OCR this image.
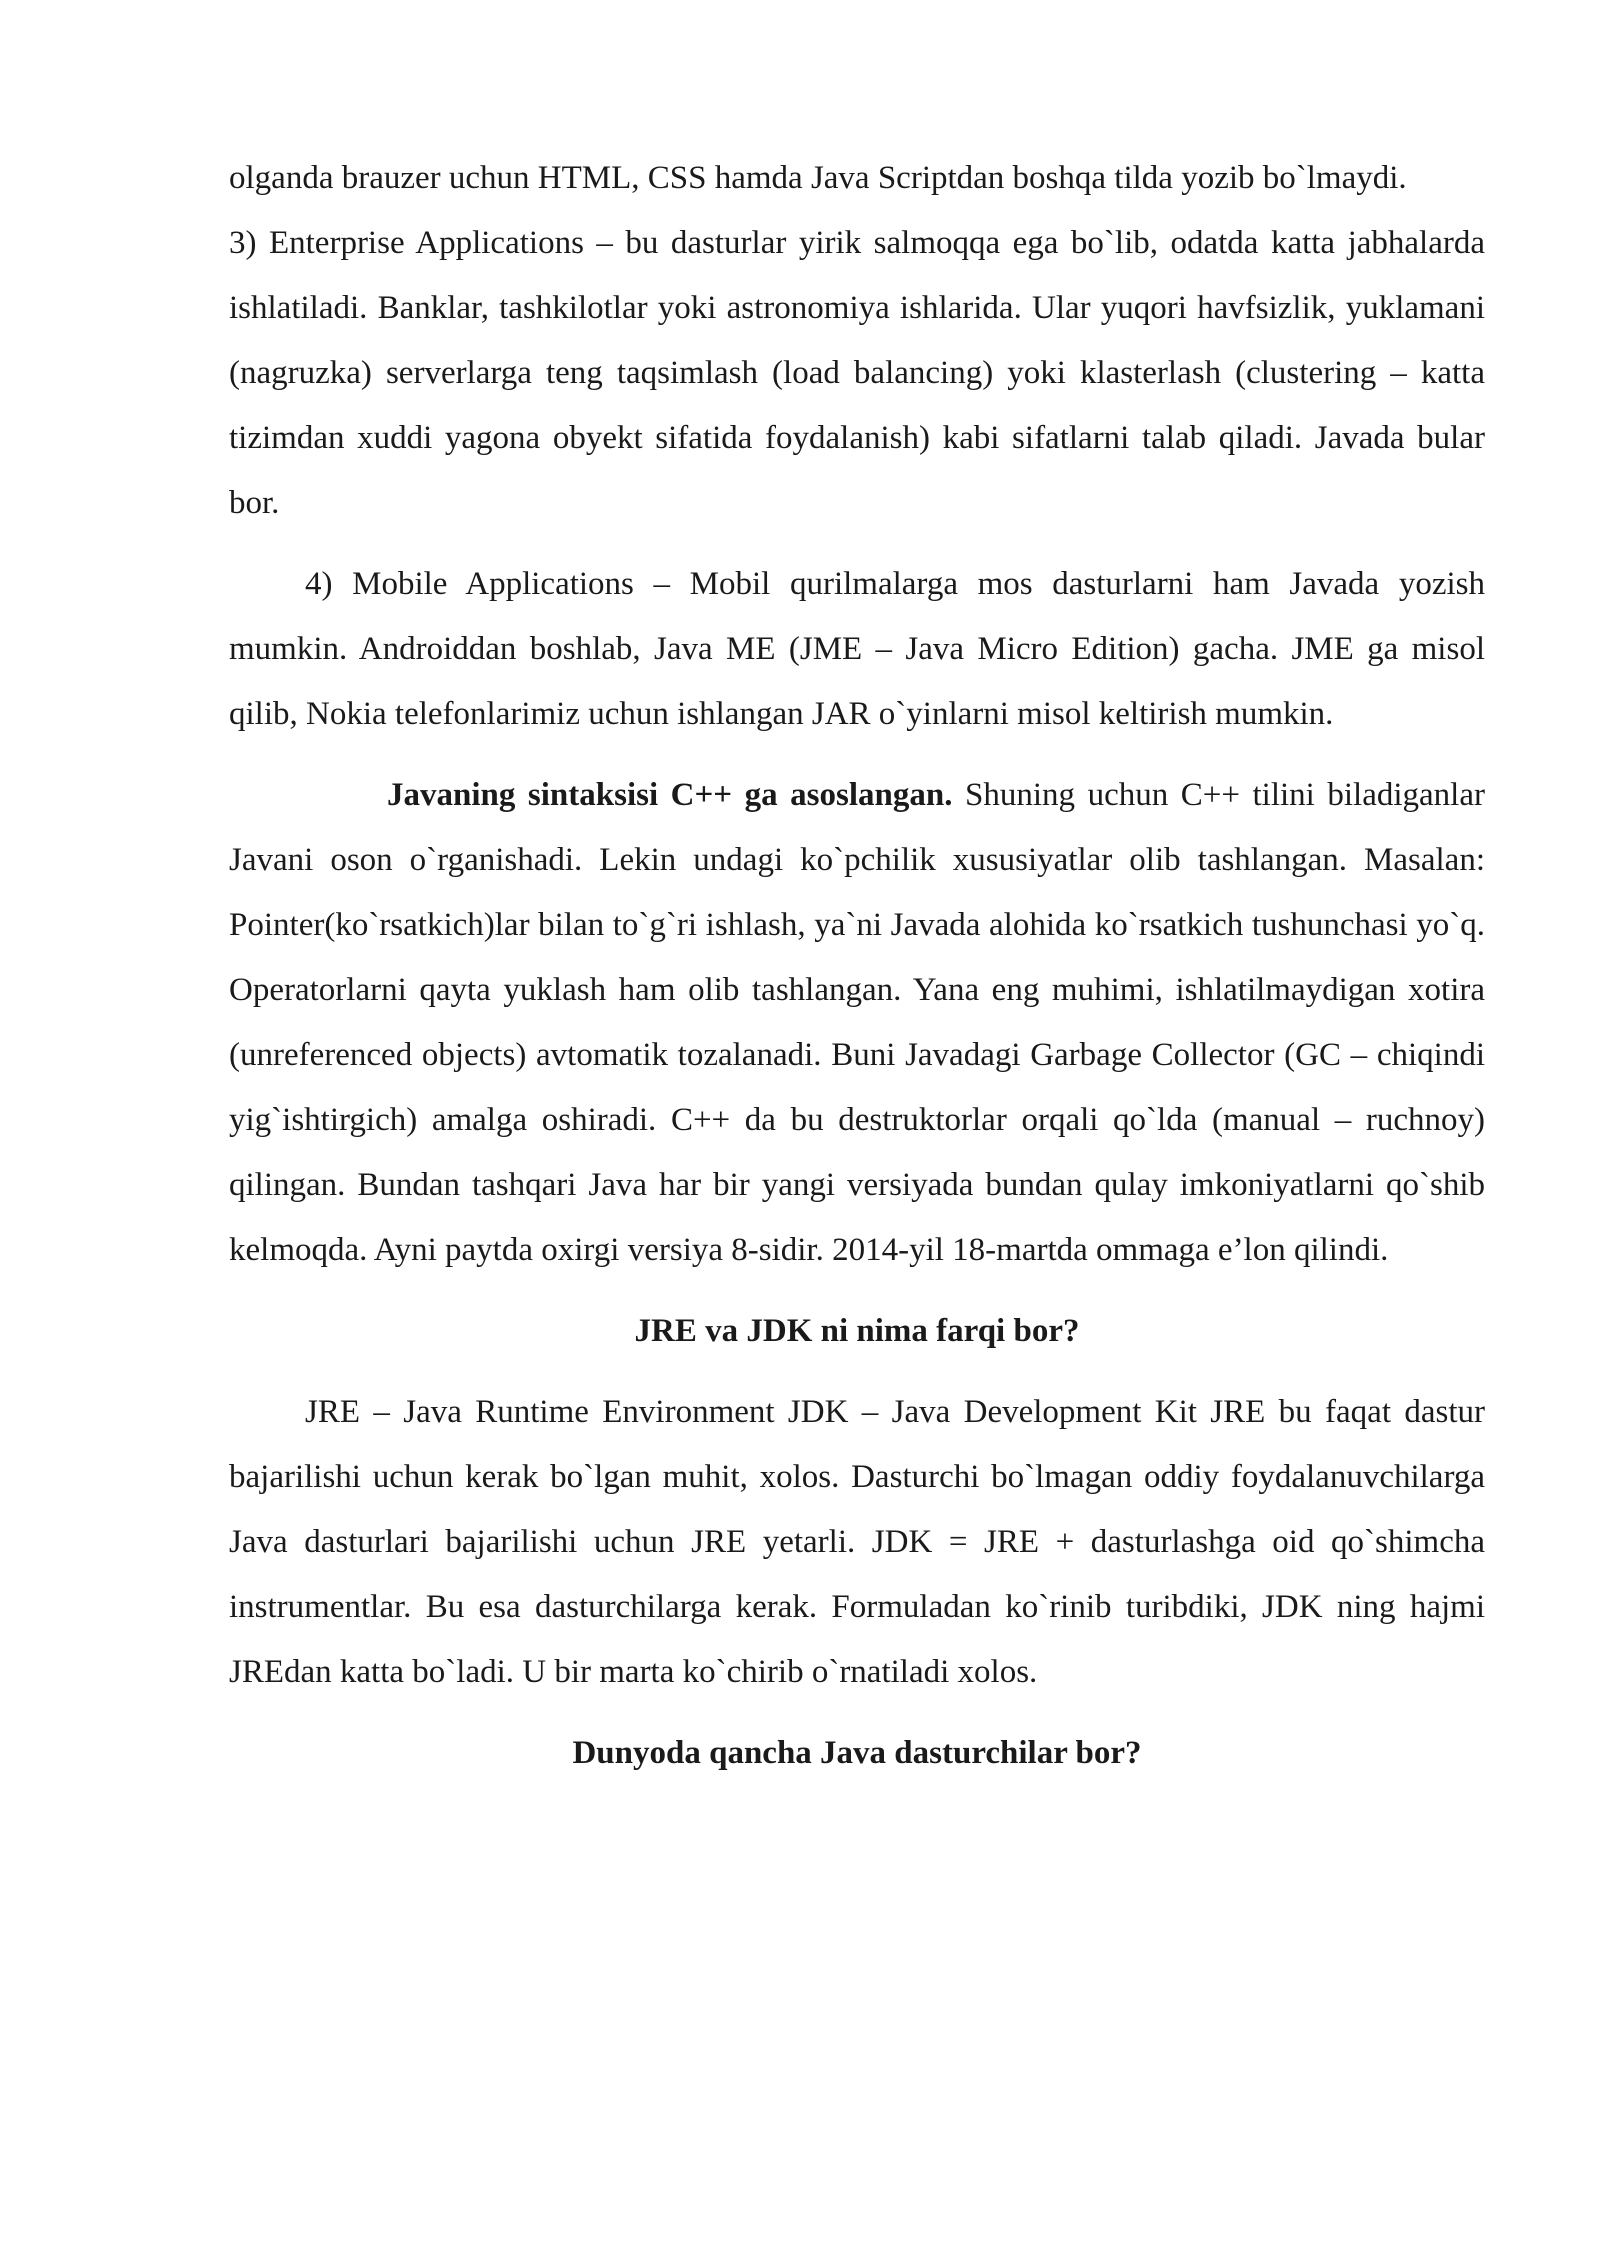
olganda brauzer uchun HTML, CSS hamda Java Scriptdan boshqa tilda yozib bo`lmaydi.

3) Enterprise Applications – bu dasturlar yirik salmoqqa ega bo`lib, odatda katta jabhalarda ishlatiladi. Banklar, tashkilotlar yoki astronomiya ishlarida. Ular yuqori havfsizlik, yuklamani (nagruzka) serverlarga teng taqsimlash (load balancing) yoki klasterlash (clustering – katta tizimdan xuddi yagona obyekt sifatida foydalanish) kabi sifatlarni talab qiladi. Javada bular bor.

4) Mobile Applications – Mobil qurilmalarga mos dasturlarni ham Javada yozish mumkin. Androiddan boshlab, Java ME (JME – Java Micro Edition) gacha. JME ga misol qilib, Nokia telefonlarimiz uchun ishlangan JAR o`yinlarni misol keltirish mumkin.

Javaning sintaksisi C++ ga asoslangan. Shuning uchun C++ tilini biladiganlar Javani oson o`rganishadi. Lekin undagi ko`pchilik xususiyatlar olib tashlangan. Masalan: Pointer(ko`rsatkich)lar bilan to`g`ri ishlash, ya`ni Javada alohida ko`rsatkich tushunchasi yo`q. Operatorlarni qayta yuklash ham olib tashlangan. Yana eng muhimi, ishlatilmaydigan xotira (unreferenced objects) avtomatik tozalanadi. Buni Javadagi Garbage Collector (GC – chiqindi yig`ishtirgich) amalga oshiradi. C++ da bu destruktorlar orqali qo`lda (manual – ruchnoy) qilingan. Bundan tashqari Java har bir yangi versiyada bundan qulay imkoniyatlarni qo`shib kelmoqda. Ayni paytda oxirgi versiya 8-sidir. 2014-yil 18-martda ommaga e’lon qilindi.

JRE va JDK ni nima farqi bor?

JRE – Java Runtime Environment JDK – Java Development Kit JRE bu faqat dastur bajarilishi uchun kerak bo`lgan muhit, xolos. Dasturchi bo`lmagan oddiy foydalanuvchilarga Java dasturlari bajarilishi uchun JRE yetarli. JDK = JRE + dasturlashga oid qo`shimcha instrumentlar. Bu esa dasturchilarga kerak. Formuladan ko`rinib turibdiki, JDK ning hajmi JREdan katta bo`ladi. U bir marta ko`chirib o`rnatiladi xolos.

Dunyoda qancha Java dasturchilar bor?
